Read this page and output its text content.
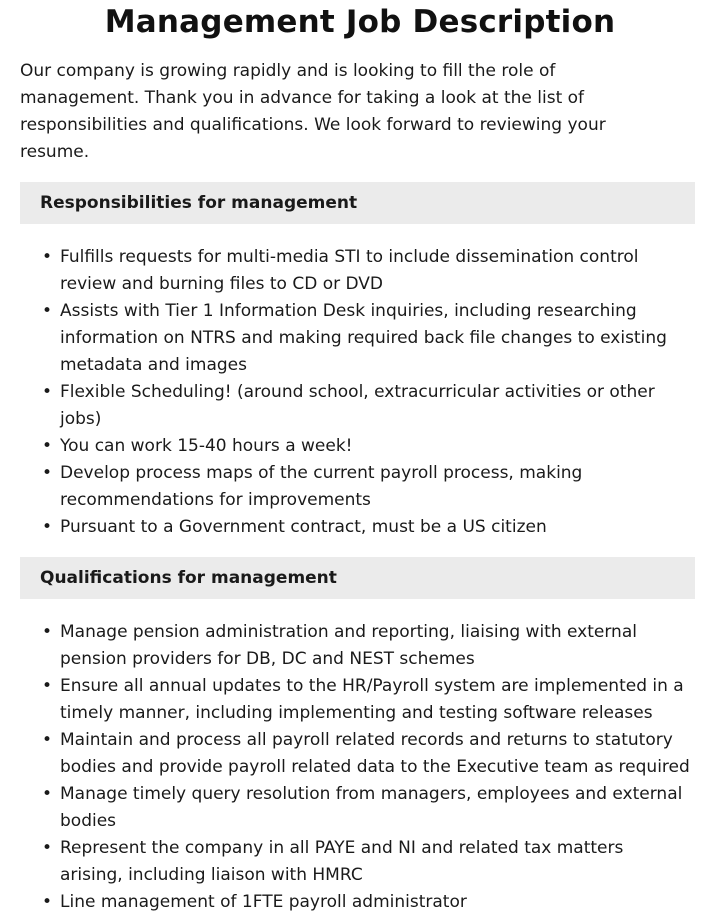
Management Job Description

Our company is growing rapidly and is looking to fill the role of management. Thank you in advance for taking a look at the list of responsibilities and qualifications. We look forward to reviewing your resume.

Responsibilities for management
• Fulfills requests for multi-media STI to include dissemination control review and burning files to CD or DVD
• Assists with Tier 1 Information Desk inquiries, including researching information on NTRS and making required back file changes to existing metadata and images
• Flexible Scheduling! (around school, extracurricular activities or other jobs)
• You can work 15-40 hours a week!
• Develop process maps of the current payroll process, making recommendations for improvements
• Pursuant to a Government contract, must be a US citizen
Qualifications for management
• Manage pension administration and reporting, liaising with external pension providers for DB, DC and NEST schemes
• Ensure all annual updates to the HR/Payroll system are implemented in a timely manner, including implementing and testing software releases
• Maintain and process all payroll related records and returns to statutory bodies and provide payroll related data to the Executive team as required
• Manage timely query resolution from managers, employees and external bodies
• Represent the company in all PAYE and NI and related tax matters arising, including liaison with HMRC
• Line management of 1FTE payroll administrator
